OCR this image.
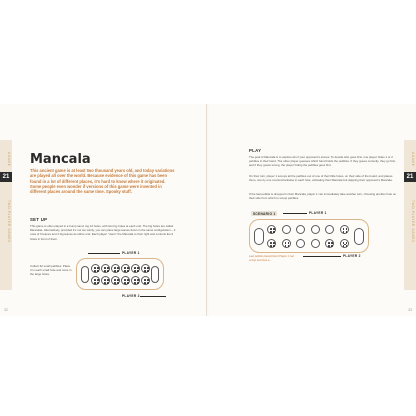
AGAME
21
TWO-PLAYER GAMES
32
Mancala
This ancient game is at least two thousand years old, and today variations are played all over the world. Because evidence of this game has been found in a lot of different places, it's hard to know where it originated. Some people even wonder if versions of this game were invented in different places around the same time. Spooky stuff.
SET UP
This game is often played in a bump sand, lug 12 holes, with two big holes at each end. The big holes are called Mancalas. Alternatively, provided it's not too windy, you can place large leaves down in the same configuration – 2 rows of 6 leaves and 2 big leaves as either end. Each player "owns" the Mancala to their right and controls the 6 holes in front of them.
Collect 32 small pebbles. Place 4 in each small hole and none in the large holes.
PLAYER 1
PLAYER 2
AGAME
21
TWO-PLAYER GAMES
33
PLAY
The goal of Mancala is to capture all of your opponent's stones. To decide who goes first, one player hides 1 or 2 pebbles in their hand. The other player guesses which hand holds the pebbles. If they guess correctly, they go first, and if they guess wrong, the player hiding the pebbles goes first.
On their turn, player 1 scoops all the pebbles out of one of their little holes, on their side of the board, and places them, one by one counterclockwise in each hole, activating their Mancala but skipping their opponent's Mancala.
If the last pebble is dropped in their Mancala, player 1 can immediately take another turn, choosing another hole on their side from which to scoop pebbles.
SCENARIO 1	PLAYER 1
Last pebble placed here! Player 1 can scoop and lose a...
PLAYER 2
